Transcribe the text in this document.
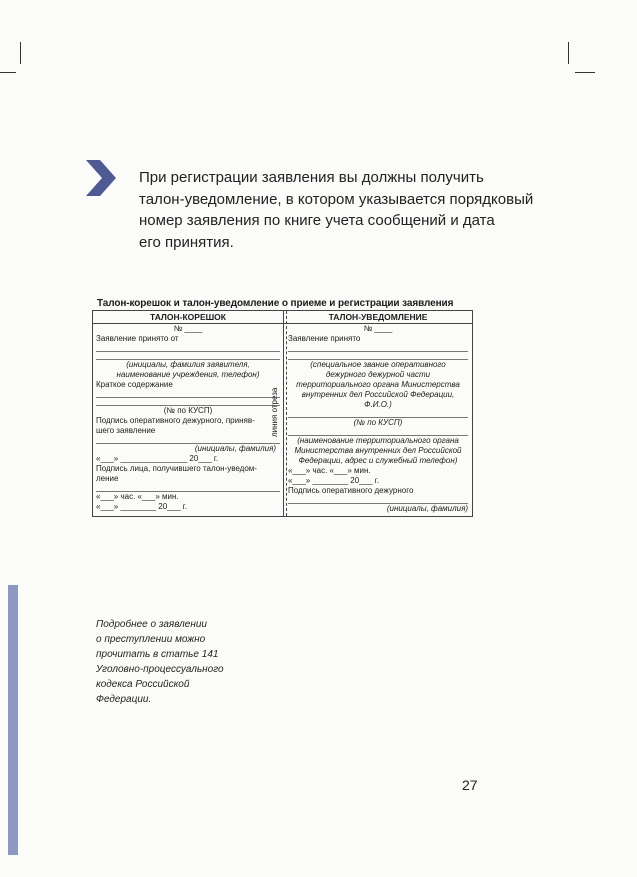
При регистрации заявления вы должны получить
талон-уведомление, в котором указывается порядковый
номер заявления по книге учета сообщений и дата
его принятия.
Талон-корешок и талон-уведомление о приеме и регистрации заявления
ТАЛОН-КОРЕШОК
№ ____
Заявление принято от
(инициалы, фамилия заявителя,
наименование учреждения, телефон)
Краткое содержание
(№ по КУСП)
Подпись оперативного дежурного, приняв-
шего заявление
(инициалы, фамилия)
«___» _______________ 20___ г.
Подпись лица, получившего талон-уведом-
ление
«___» час. «___» мин.
«___» ________ 20___ г.
ТАЛОН-УВЕДОМЛЕНИЕ
№ ____
Заявление принято
(специальное звание оперативного
дежурного дежурной части
территориального органа Министерства
внутренних дел Российской Федерации,
Ф.И.О.)
(№ по КУСП)
(наименование территориального органа
Министерства внутренних дел Российской
Федерации, адрес и служебный телефон)
«___» час. «___» мин.
«___» ________ 20___ г.
Подпись оперативного дежурного
(инициалы, фамилия)
линия отреза
Подробнее о заявлении
о преступлении можно
прочитать в статье 141
Уголовно-процессуального
кодекса Российской
Федерации.
27
